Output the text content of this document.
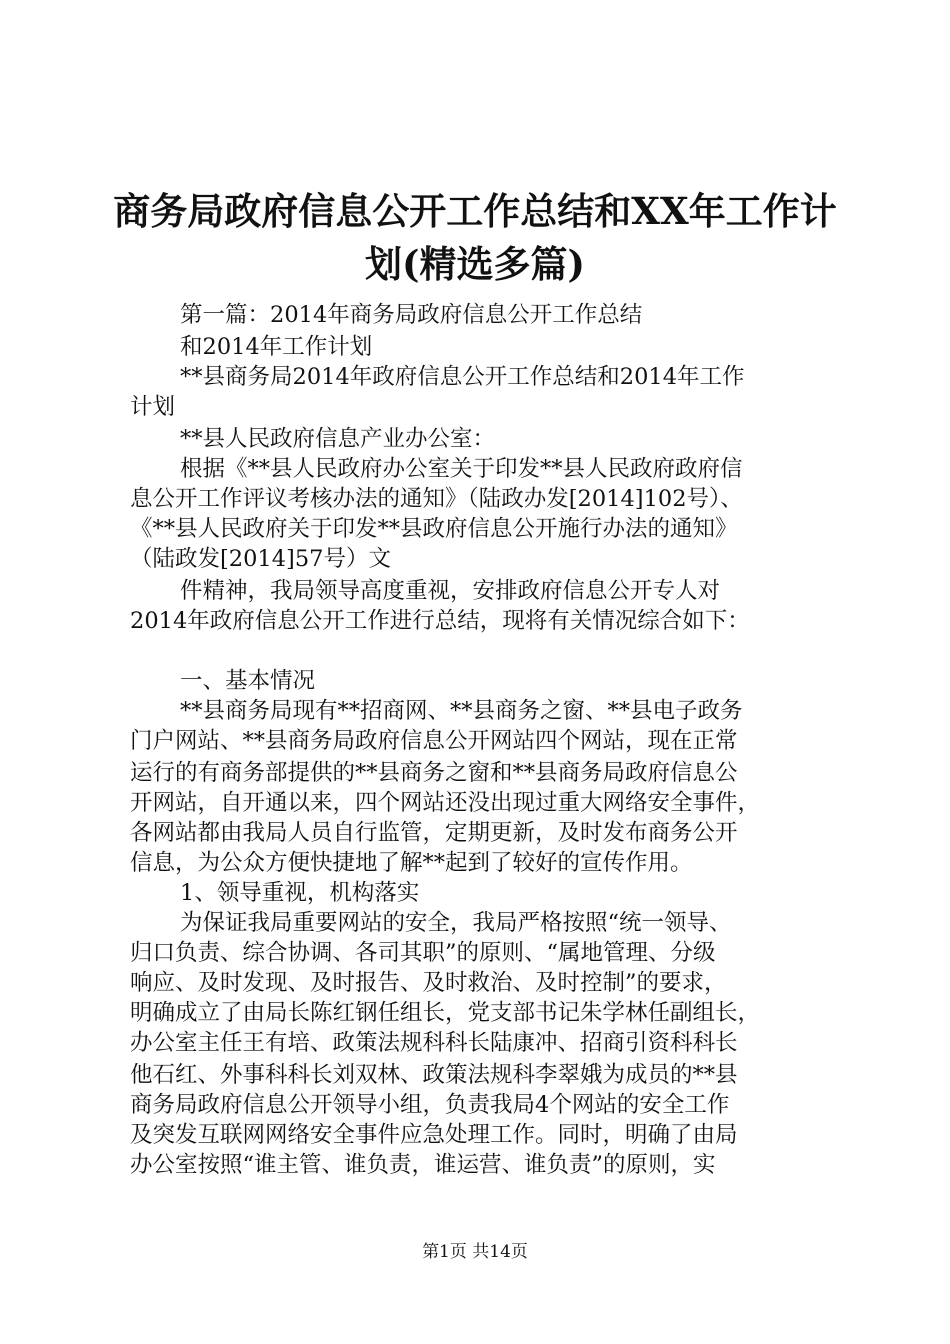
商务局政府信息公开工作总结和XX年工作计
划(精选多篇)
第一篇：2014年商务局政府信息公开工作总结
和2014年工作计划
**县商务局2014年政府信息公开工作总结和2014年工作
计划
**县人民政府信息产业办公室：
根据《**县人民政府办公室关于印发**县人民政府政府信
息公开工作评议考核办法的通知》（陆政办发[2014]102号）、
《**县人民政府关于印发**县政府信息公开施行办法的通知》
（陆政发[2014]57号）文
件精神，我局领导高度重视，安排政府信息公开专人对
2014年政府信息公开工作进行总结，现将有关情况综合如下：
一、基本情况
**县商务局现有**招商网、**县商务之窗、**县电子政务
门户网站、**县商务局政府信息公开网站四个网站，现在正常
运行的有商务部提供的**县商务之窗和**县商务局政府信息公
开网站，自开通以来，四个网站还没出现过重大网络安全事件，
各网站都由我局人员自行监管，定期更新，及时发布商务公开
信息，为公众方便快捷地了解**起到了较好的宣传作用。
1、领导重视，机构落实
为保证我局重要网站的安全，我局严格按照“统一领导、
归口负责、综合协调、各司其职”的原则、“属地管理、分级
响应、及时发现、及时报告、及时救治、及时控制”的要求，
明确成立了由局长陈红钢任组长，党支部书记朱学林任副组长，
办公室主任王有培、政策法规科科长陆康冲、招商引资科科长
他石红、外事科科长刘双林、政策法规科李翠娥为成员的**县
商务局政府信息公开领导小组，负责我局4个网站的安全工作
及突发互联网网络安全事件应急处理工作。同时，明确了由局
办公室按照“谁主管、谁负责，谁运营、谁负责”的原则，实
第1页 共14页
